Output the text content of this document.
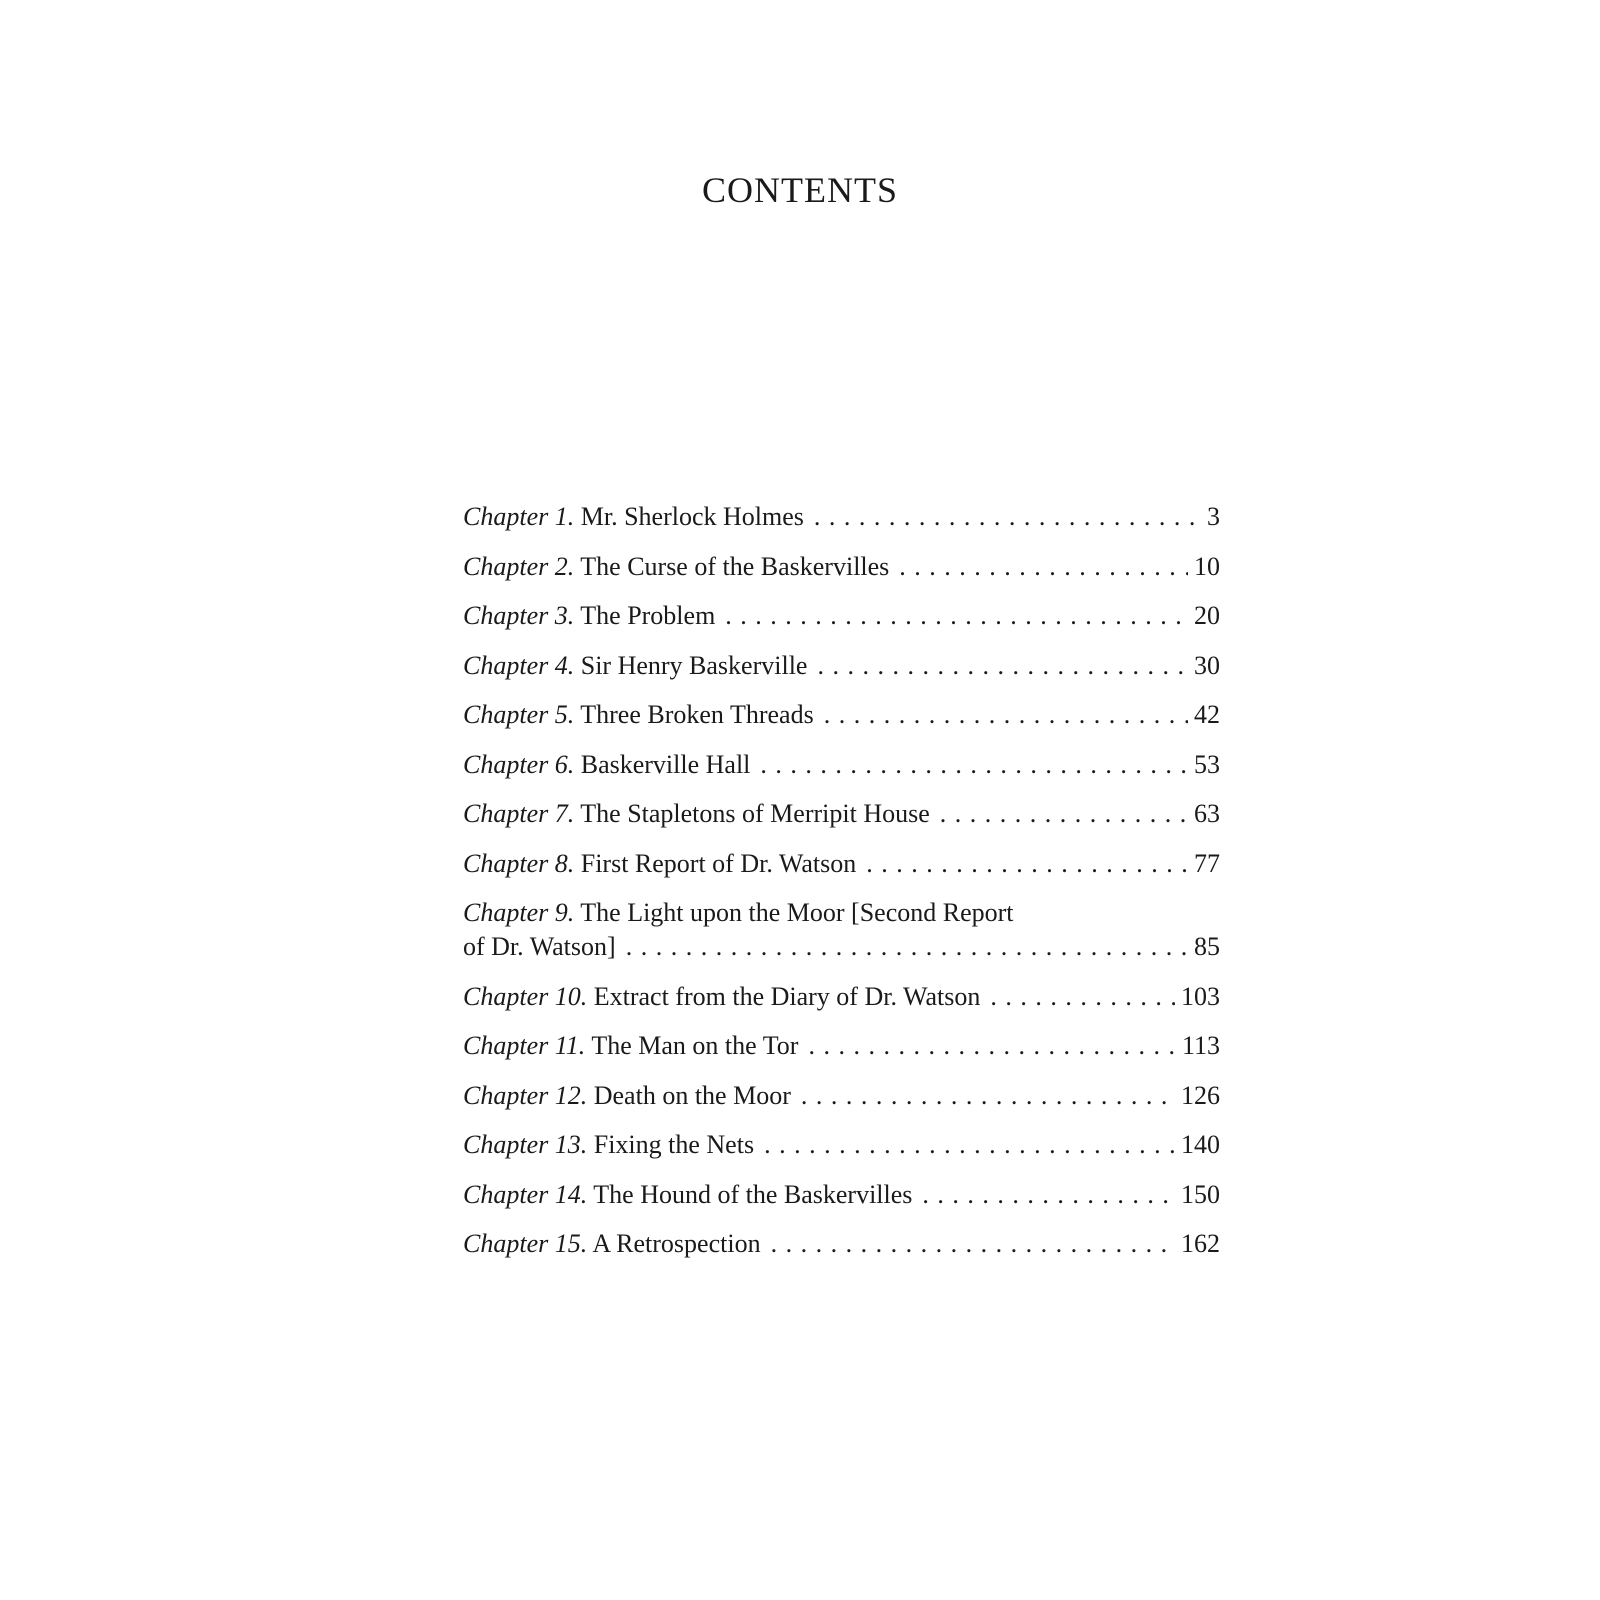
CONTENTS
Chapter 1. Mr. Sherlock Holmes . . .	3
Chapter 2. The Curse of the Baskervilles . . .	10
Chapter 3. The Problem . . .	20
Chapter 4. Sir Henry Baskerville . . .	30
Chapter 5. Three Broken Threads . . .	42
Chapter 6. Baskerville Hall . . .	53
Chapter 7. The Stapletons of Merripit House . . .	63
Chapter 8. First Report of Dr. Watson . . .	77
Chapter 9. The Light upon the Moor [Second Report
of Dr. Watson] . . .	85
Chapter 10. Extract from the Diary of Dr. Watson . . .	103
Chapter 11. The Man on the Tor . . .	113
Chapter 12. Death on the Moor . . .	126
Chapter 13. Fixing the Nets . . .	140
Chapter 14. The Hound of the Baskervilles . . .	150
Chapter 15. A Retrospection . . .	162
